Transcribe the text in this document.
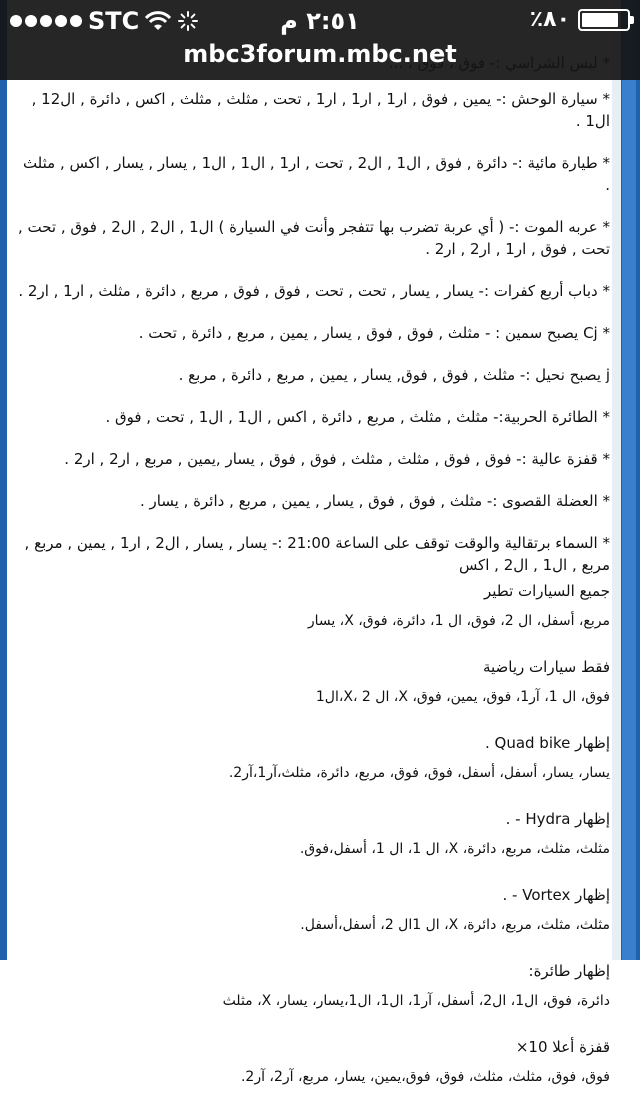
STC	٢:٥١ م	٪٨٠
mbc3forum.mbc.net
* سيارة الوحش :- يمين , فوق , ار1 , ار1 , ار1 , تحت , مثلث , مثلث , اكس , دائرة , ال12 , ال1 .
* طيارة مائية :- دائرة , فوق , ال1 , ال2 , تحت , ار1 , ال1 , ال1 , يسار , يسار , اكس , مثلث .
* عربه الموت :- ( أي عربة تضرب بها تتفجر وأنت في السيارة ) ال1 , ال2 , ال2 , فوق , تحت , تحت , فوق , ار1 , ار2 , ار2 .
* دباب أربع كفرات :- يسار , يسار , تحت , تحت , فوق , فوق , مربع , دائرة , مثلث , ار1 , ار2 .
* Cj يصبح سمين : - مثلث , فوق , فوق , يسار , يمين , مربع , دائرة , تحت .
j يصبح نحيل :- مثلث , فوق , فوق, يسار , يمين , مربع , دائرة , مربع .
* الطائرة الحربية:- مثلث , مثلث , مربع , دائرة , اكس , ال1 , ال1 , تحت , فوق .
* قفزة عالية :- فوق , فوق , مثلث , مثلث , فوق , فوق , يسار ,يمين , مربع , ار2 , ار2 .
* العضلة القصوى :- مثلث , فوق , فوق , يسار , يمين , مربع , دائرة , يسار .
* السماء برتقالية والوقت توقف على الساعة 21:00 :- يسار , يسار , ال2 , ار1 , يمين , مربع , مربع , ال1 , ال2 , اكس
جميع السيارات تطير
مربع، أسفل، ال 2، فوق، ال 1، دائرة، فوق، X، يسار
فقط سيارات رياضية
فوق، ال 1، آر1، فوق، يمين، فوق، X، ال 2 ،X،ال1
إظهار Quad bike .
يسار، يسار، أسفل، أسفل، فوق، فوق، مربع، دائرة، مثلث،آر1،آر2.
إظهار Hydra - .
مثلث، مثلث، مربع، دائرة، X، ال 1، ال 1، أسفل،فوق.
إظهار Vortex - .
مثلث، مثلث، مربع، دائرة، X، ال 1ال 2، أسفل،أسفل.
إظهار طائرة:
دائرة، فوق، ال1، ال2، أسفل، آر1، ال1، ال1،يسار، يسار، X، مثلث
قفزة أعلا 10×
فوق، فوق، مثلث، مثلث، فوق، فوق،يمين، يسار، مربع، آر2، آر2.
